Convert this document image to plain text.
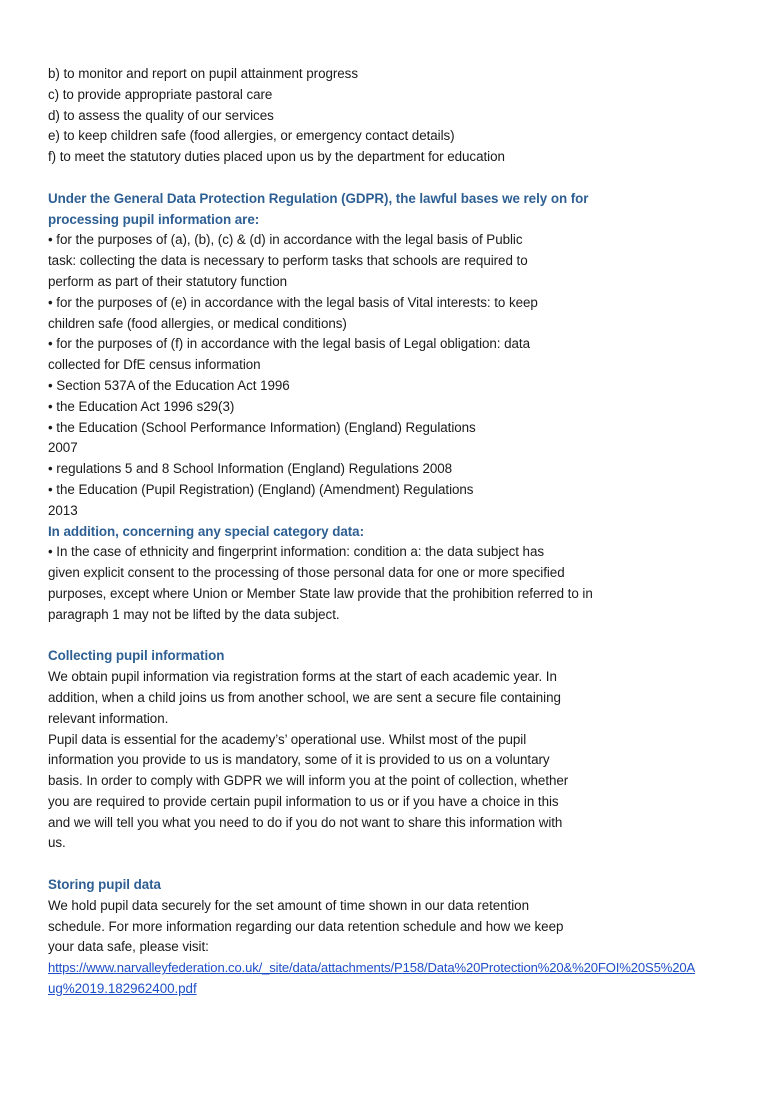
b) to monitor and report on pupil attainment progress
c) to provide appropriate pastoral care
d) to assess the quality of our services
e) to keep children safe (food allergies, or emergency contact details)
f) to meet the statutory duties placed upon us by the department for education
Under the General Data Protection Regulation (GDPR), the lawful bases we rely on for
processing pupil information are:
• for the purposes of (a), (b), (c) & (d) in accordance with the legal basis of Public
task: collecting the data is necessary to perform tasks that schools are required to
perform as part of their statutory function
• for the purposes of (e) in accordance with the legal basis of Vital interests: to keep
children safe (food allergies, or medical conditions)
• for the purposes of (f) in accordance with the legal basis of Legal obligation: data
collected for DfE census information
• Section 537A of the Education Act 1996
• the Education Act 1996 s29(3)
• the Education (School Performance Information) (England) Regulations
2007
• regulations 5 and 8 School Information (England) Regulations 2008
• the Education (Pupil Registration) (England) (Amendment) Regulations
2013
In addition, concerning any special category data:
• In the case of ethnicity and fingerprint information: condition a: the data subject has
given explicit consent to the processing of those personal data for one or more specified
purposes, except where Union or Member State law provide that the prohibition referred to in
paragraph 1 may not be lifted by the data subject.
Collecting pupil information
We obtain pupil information via registration forms at the start of each academic year. In
addition, when a child joins us from another school, we are sent a secure file containing
relevant information.
Pupil data is essential for the academy’s’ operational use. Whilst most of the pupil
information you provide to us is mandatory, some of it is provided to us on a voluntary
basis. In order to comply with GDPR we will inform you at the point of collection, whether
you are required to provide certain pupil information to us or if you have a choice in this
and we will tell you what you need to do if you do not want to share this information with
us.
Storing pupil data
We hold pupil data securely for the set amount of time shown in our data retention
schedule. For more information regarding our data retention schedule and how we keep
your data safe, please visit:
https://www.narvalleyfederation.co.uk/_site/data/attachments/P158/Data%20Protection%20&%20FOI%20S5%20A
ug%2019.182962400.pdf
